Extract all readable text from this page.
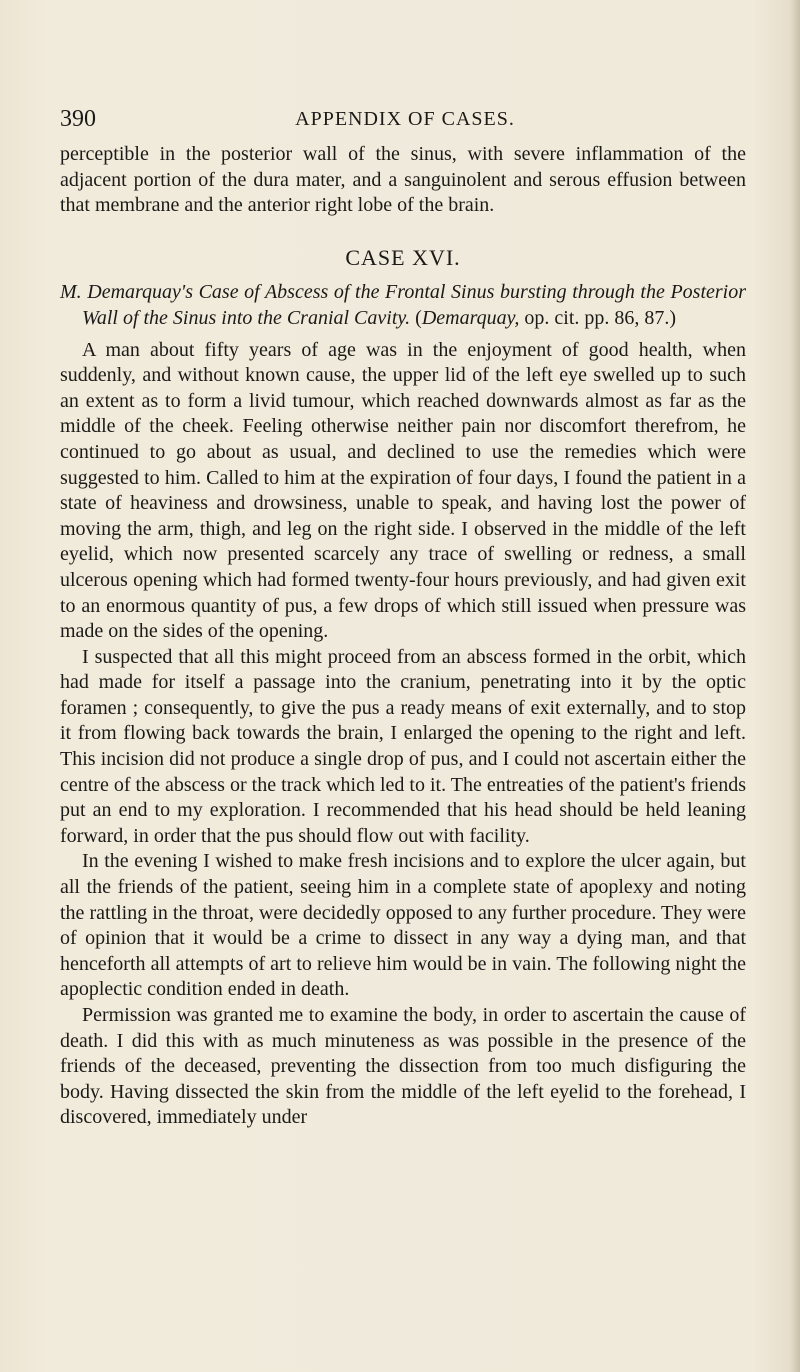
390	APPENDIX OF CASES.

perceptible in the posterior wall of the sinus, with severe inflammation of the adjacent portion of the dura mater, and a sanguinolent and serous effusion between that membrane and the anterior right lobe of the brain.

CASE XVI.

M. Demarquay's Case of Abscess of the Frontal Sinus bursting through the Posterior Wall of the Sinus into the Cranial Cavity. (Demarquay, op. cit. pp. 86, 87.)

A man about fifty years of age was in the enjoyment of good health, when suddenly, and without known cause, the upper lid of the left eye swelled up to such an extent as to form a livid tumour, which reached downwards almost as far as the middle of the cheek. Feeling otherwise neither pain nor discomfort therefrom, he continued to go about as usual, and declined to use the remedies which were suggested to him. Called to him at the expiration of four days, I found the patient in a state of heaviness and drowsiness, unable to speak, and having lost the power of moving the arm, thigh, and leg on the right side. I observed in the middle of the left eyelid, which now presented scarcely any trace of swelling or redness, a small ulcerous opening which had formed twenty-four hours previously, and had given exit to an enormous quantity of pus, a few drops of which still issued when pressure was made on the sides of the opening.

I suspected that all this might proceed from an abscess formed in the orbit, which had made for itself a passage into the cranium, penetrating into it by the optic foramen ; consequently, to give the pus a ready means of exit externally, and to stop it from flowing back towards the brain, I enlarged the opening to the right and left. This incision did not produce a single drop of pus, and I could not ascertain either the centre of the abscess or the track which led to it. The entreaties of the patient's friends put an end to my exploration. I recommended that his head should be held leaning forward, in order that the pus should flow out with facility.

In the evening I wished to make fresh incisions and to explore the ulcer again, but all the friends of the patient, seeing him in a complete state of apoplexy and noting the rattling in the throat, were decidedly opposed to any further procedure. They were of opinion that it would be a crime to dissect in any way a dying man, and that henceforth all attempts of art to relieve him would be in vain. The following night the apoplectic condition ended in death.

Permission was granted me to examine the body, in order to ascertain the cause of death. I did this with as much minuteness as was possible in the presence of the friends of the deceased, preventing the dissection from too much disfiguring the body. Having dissected the skin from the middle of the left eyelid to the forehead, I discovered, immediately under
